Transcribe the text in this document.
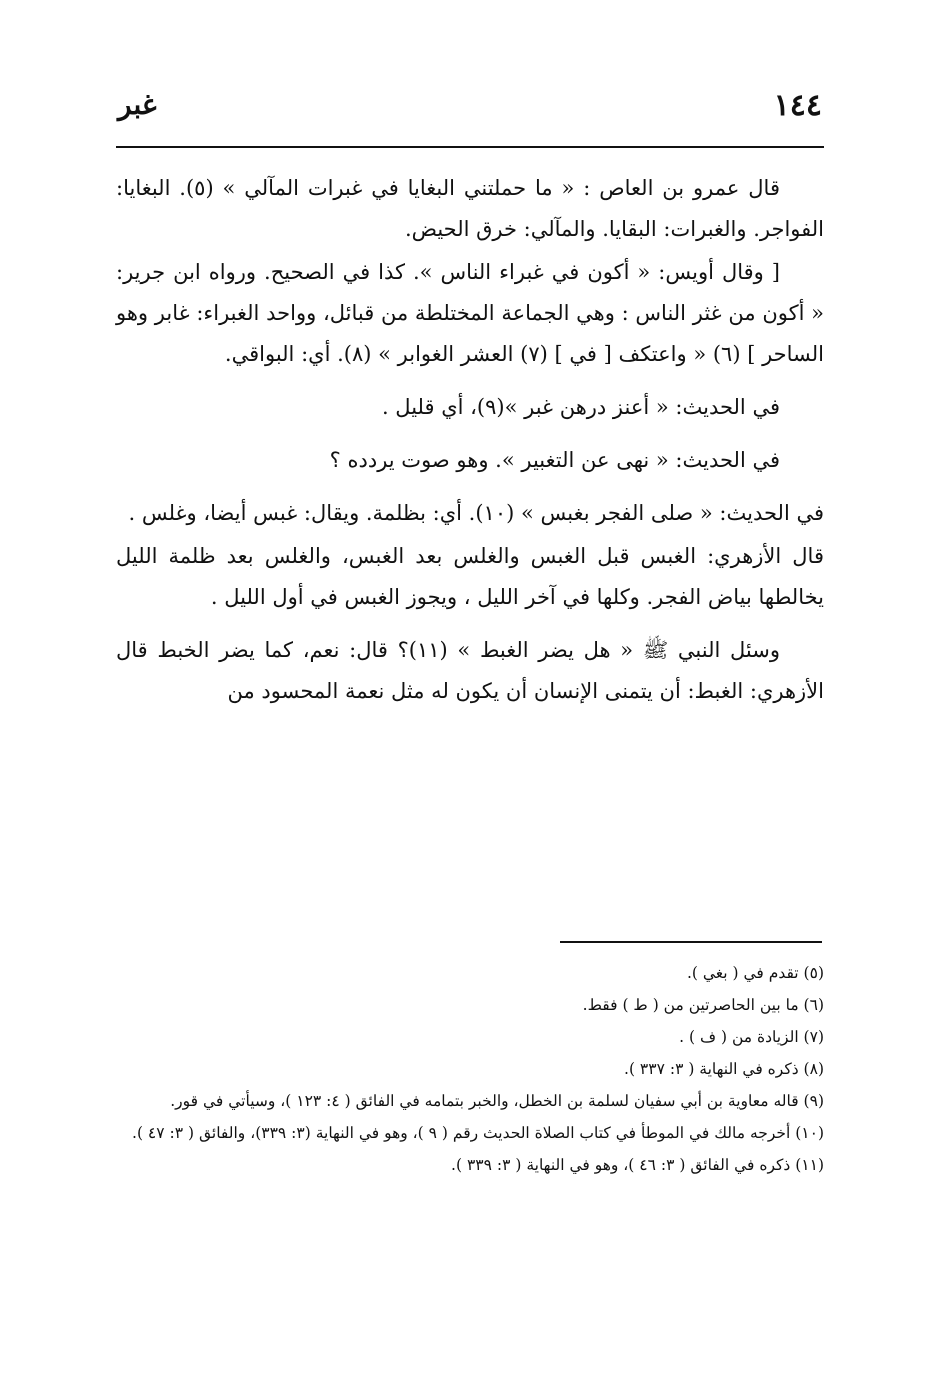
١٤٤
غبر

قال عمرو بن العاص : « ما حملتني البغايا في غبرات المآلي » (٥). البغايا: الفواجر. والغبرات: البقايا. والمآلي: خرق الحيض.

[ وقال أويس: « أكون في غبراء الناس ». كذا في الصحيح. ورواه ابن جرير: « أكون من غثر الناس : وهي الجماعة المختلطة من قبائل، وواحد الغبراء: غابر وهو الساحر ] (٦) « واعتكف [ في ] (٧) العشر الغوابر » (٨). أي: البواقي.

في الحديث: « أعنز درهن غبر »(٩)، أي قليل .

في الحديث: « نهى عن التغبير ». وهو صوت يردده ؟

في الحديث: « صلى الفجر بغبس » (١٠). أي: بظلمة. ويقال: غبس أيضا، وغلس .

قال الأزهري: الغبس قبل الغبس والغلس بعد الغبس، والغلس بعد ظلمة الليل يخالطها بياض الفجر. وكلها في آخر الليل ، ويجوز الغبس في أول الليل .

وسئل النبي ﷺ « هل يضر الغبط » (١١)؟ قال: نعم، كما يضر الخبط قال الأزهري: الغبط: أن يتمنى الإنسان أن يكون له مثل نعمة المحسود من

(٥) تقدم في ( بغي ).

(٦) ما بين الحاصرتين من ( ط ) فقط.

(٧) الزيادة من ( ف ) .

(٨) ذكره في النهاية ( ٣: ٣٣٧ ).

(٩) قاله معاوية بن أبي سفيان لسلمة بن الخطل، والخبر بتمامه في الفائق ( ٤: ١٢٣ )، وسيأتي في قور.

(١٠) أخرجه مالك في الموطأ في كتاب الصلاة الحديث رقم ( ٩ )، وهو في النهاية (٣: ٣٣٩)، والفائق ( ٣: ٤٧ ).

(١١) ذكره في الفائق ( ٣: ٤٦ )، وهو في النهاية ( ٣: ٣٣٩ ).
